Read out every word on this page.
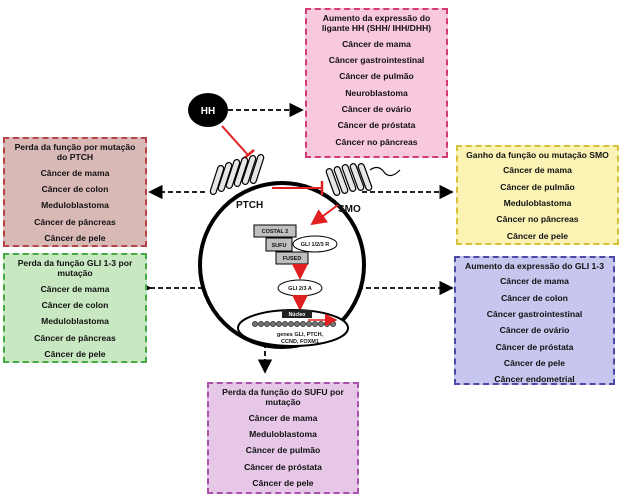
HH
PTCH	SMO
COSTAL 2
SUFU	GLI 1/2/3 R
FUSED
GLI 2/3 A
Núcleo
genes GLI, PTCH,
CCND, FOXM1
Aumento da expressão do ligante HH (SHH/ IHH/DHH)
Câncer de mama
Câncer gastrointestinal
Câncer de pulmão
Neuroblastoma
Câncer de ovário
Câncer de próstata
Câncer no pâncreas
Perda da função por mutação do PTCH
Câncer de mama
Câncer de colon
Meduloblastoma
Câncer de pâncreas
Câncer de pele
Ganho da função ou mutação SMO
Câncer de mama
Câncer de pulmão
Meduloblastoma
Câncer no pâncreas
Câncer de pele
Perda da função GLI 1-3 por mutação
Câncer de mama
Câncer de colon
Meduloblastoma
Câncer de pâncreas
Câncer de pele
Aumento da expressão do GLI 1-3
Câncer de mama
Câncer de colon
Câncer gastrointestinal
Câncer de ovário
Câncer de próstata
Câncer de pele
Câncer endometrial
Perda da função do SUFU por mutação
Câncer de mama
Meduloblastoma
Câncer de pulmão
Câncer de próstata
Câncer de pele
